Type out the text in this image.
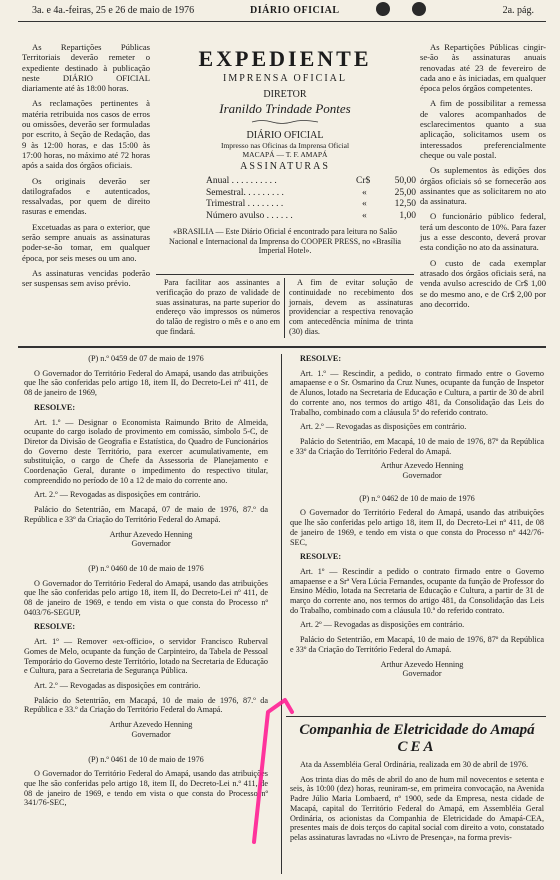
3a. e 4a.-feiras, 25 e 26 de maio de 1976	DIÁRIO OFICIAL	2a. pág.

As Repartições Públicas Territoriais deverão remeter o expediente destinado à publicação neste DIÁRIO OFICIAL diariamente até às 18:00 horas.

As reclamações pertinentes à matéria retribuida nos casos de erros ou omissões, deverão ser formuladas por escrito, à Seção de Redação, das 9 às 12:00 horas, e das 15:00 às 17:00 horas, no máximo até 72 horas após a saida dos órgãos oficiais.

Os originais deverão ser datilografados e autenticados, ressalvadas, por quem de direito rasuras e emendas.

Excetuadas as para o exterior, que serão sempre anuais as assinaturas poder-se-ão tomar, em qualquer época, por seis meses ou um ano.

As assinaturas vencidas poderão ser suspensas sem aviso prévio.

EXPEDIENTE
IMPRENSA OFICIAL
DIRETOR
Iranildo Trindade Pontes
DIÁRIO OFICIAL
Impresso nas Oficinas da Imprensa Oficial
MACAPÁ — T. F. AMAPÁ
ASSINATURAS
Anual . . . . . . . . . .	Cr$	50,00
Semestral. . . . . . . . .	«	25,00
Trimestral . . . . . . . .	«	12,50
Número avulso . . . . . .	«	1,00
«BRASILIA — Este Diário Oficial é encontrado para leitura no Salão Nacional e Internacional da Imprensa do COOPER PRESS, no «Brasília Imperial Hotel».

Para facilitar aos assinantes a verificação do prazo de validade de suas assinaturas, na parte superior do endereço vão impressos os números do talão de registro o mês e o ano em que findará.

A fim de evitar solução de continuidade no recebimento dos jornais, devem as assinaturas providenciar a respectiva renovação com antecedência mínima de trinta (30) dias.

As Repartições Públicas cingir-se-ão às assinaturas anuais renovadas até 23 de fevereiro de cada ano e às iniciadas, em qualquer época pelos órgãos competentes.

A fim de possibilitar a remessa de valores acompanhados de esclarecimentos quanto a sua aplicação, solicitamos usem os interessados preferencialmente cheque ou vale postal.

Os suplementos às edições dos órgãos oficiais só se fornecerão aos assinantes que as solicitarem no ato da assinatura.

O funcionário público federal, terá um desconto de 10%. Para fazer jus a esse desconto, deverá provar esta condição no ato da assinatura.

O custo de cada exemplar atrasado dos órgãos oficiais será, na venda avulso acrescido de Cr$ 1,00 se do mesmo ano, e de Cr$ 2,00 por ano decorrido.

(P) n.º 0459 de 07 de maio de 1976

O Governador do Território Federal do Amapá, usando das atribuições que lhe são conferidas pelo artigo 18, item II, do Decreto-Lei nº 411, de 08 de janeiro de 1969,

RESOLVE:

Art. 1.º — Designar o Economista Raimundo Brito de Almeida, ocupante do cargo isolado de provimento em comissão, símbolo 5-C, de Diretor da Divisão de Geografia e Estatística, do Quadro de Funcionários do Governo deste Território, para exercer acumulativamente, em substituição, o cargo de Chefe da Assessoria de Planejamento e Coordenação Geral, durante o impedimento do respectivo titular, compreendido no período de 10 a 12 de maio do corrente ano.

Art. 2.º — Revogadas as disposições em contrário.

Palácio do Setentrião, em Macapá, 07 de maio de 1976, 87.º da República e 33º da Criação do Território Federal do Amapá.

Arthur Azevedo Henning

Governador

(P) n.º 0460 de 10 de maio de 1976

O Governador do Território Federal do Amapá, usando das atribuições que lhe são conferidas pelo artigo 18, item II, do Decreto-Lei nº 411, de 08 de janeiro de 1969, e tendo em vista o que consta do Processo nº 0403/76-SEGUP,

RESOLVE:

Art. 1º — Remover «ex-officio», o servidor Francisco Ruberval Gomes de Melo, ocupante da função de Carpinteiro, da Tabela de Pessoal Temporário do Governo deste Território, lotado na Secretaria de Educação e Cultura, para a Secretaria de Segurança Pública.

Art. 2.º — Revogadas as disposições em contrário.

Palácio do Setentrião, em Macapá, 10 de maio de 1976, 87.º da República e 33.º da Criação do Território Federal do Amapá.

Arthur Azevedo Henning

Governador

(P) n.º 0461 de 10 de maio de 1976

O Governador do Território Federal do Amapá, usando das atribuições que lhe são conferidas pelo artigo 18, item II, do Decreto-Lei n.º 411, de 08 de janeiro de 1969, e tendo em vista o que consta do Processo nº 341/76-SEC,

RESOLVE:

Art. 1.º — Rescindir, a pedido, o contrato firmado entre o Governo amapaense e o Sr. Osmarino da Cruz Nunes, ocupante da função de Inspetor de Alunos, lotado na Secretaria de Educação e Cultura, a partir de 30 de abril do corrente ano, nos termos do artigo 481, da Consolidação das Leis do Trabalho, combinado com a cláusula 5ª do referido contrato.

Art. 2.º — Revogadas as disposições em contrário.

Palácio do Setentrião, em Macapá, 10 de maio de 1976, 87º da República e 33º da Criação do Território Federal do Amapá.

Arthur Azevedo Henning

Governador

(P) n.º 0462 de 10 de maio de 1976

O Governador do Território Federal do Amapá, usando das atribuições que lhe são conferidas pelo artigo 18, item II, do Decreto-Lei nº 411, de 08 de janeiro de 1969, e tendo em vista o que consta do Processo nº 442/76-SEC,

RESOLVE:

Art. 1º — Rescindir a pedido o contrato firmado entre o Governo amapaense e a Srª Vera Lúcia Fernandes, ocupante da função de Professor do Ensino Médio, lotada na Secretaria de Educação e Cultura, a partir de 31 de março do corrente ano, nos termos do artigo 481, da Consolidação das Leis do Trabalho, combinado com a cláusula 10.ª do referido contrato.

Art. 2º — Revogadas as disposições em contrário.

Palácio do Setentrião, em Macapá, 10 de maio de 1976, 87º da República e 33º da Criação do Território Federal do Amapá.

Arthur Azevedo Henning

Governador

Companhia de Eletricidade do Amapá
CEA

Ata da Assembléia Geral Ordinária, realizada em 30 de abril de 1976.

Aos trinta dias do mês de abril do ano de hum mil novecentos e setenta e seis, às 10:00 (dez) horas, reuniram-se, em primeira convocação, na Avenida Padre Júlio Maria Lombaerd, nº 1900, sede da Empresa, nesta cidade de Macapá, capital do Território Federal do Amapá, em Assembléia Geral Ordinária, os acionistas da Companhia de Eletricidade do Amapá-CEA, presentes mais de dois terços do capital social com direito a voto, constatado pelas assinaturas lavradas no «Livro de Presença», na forma previs-
